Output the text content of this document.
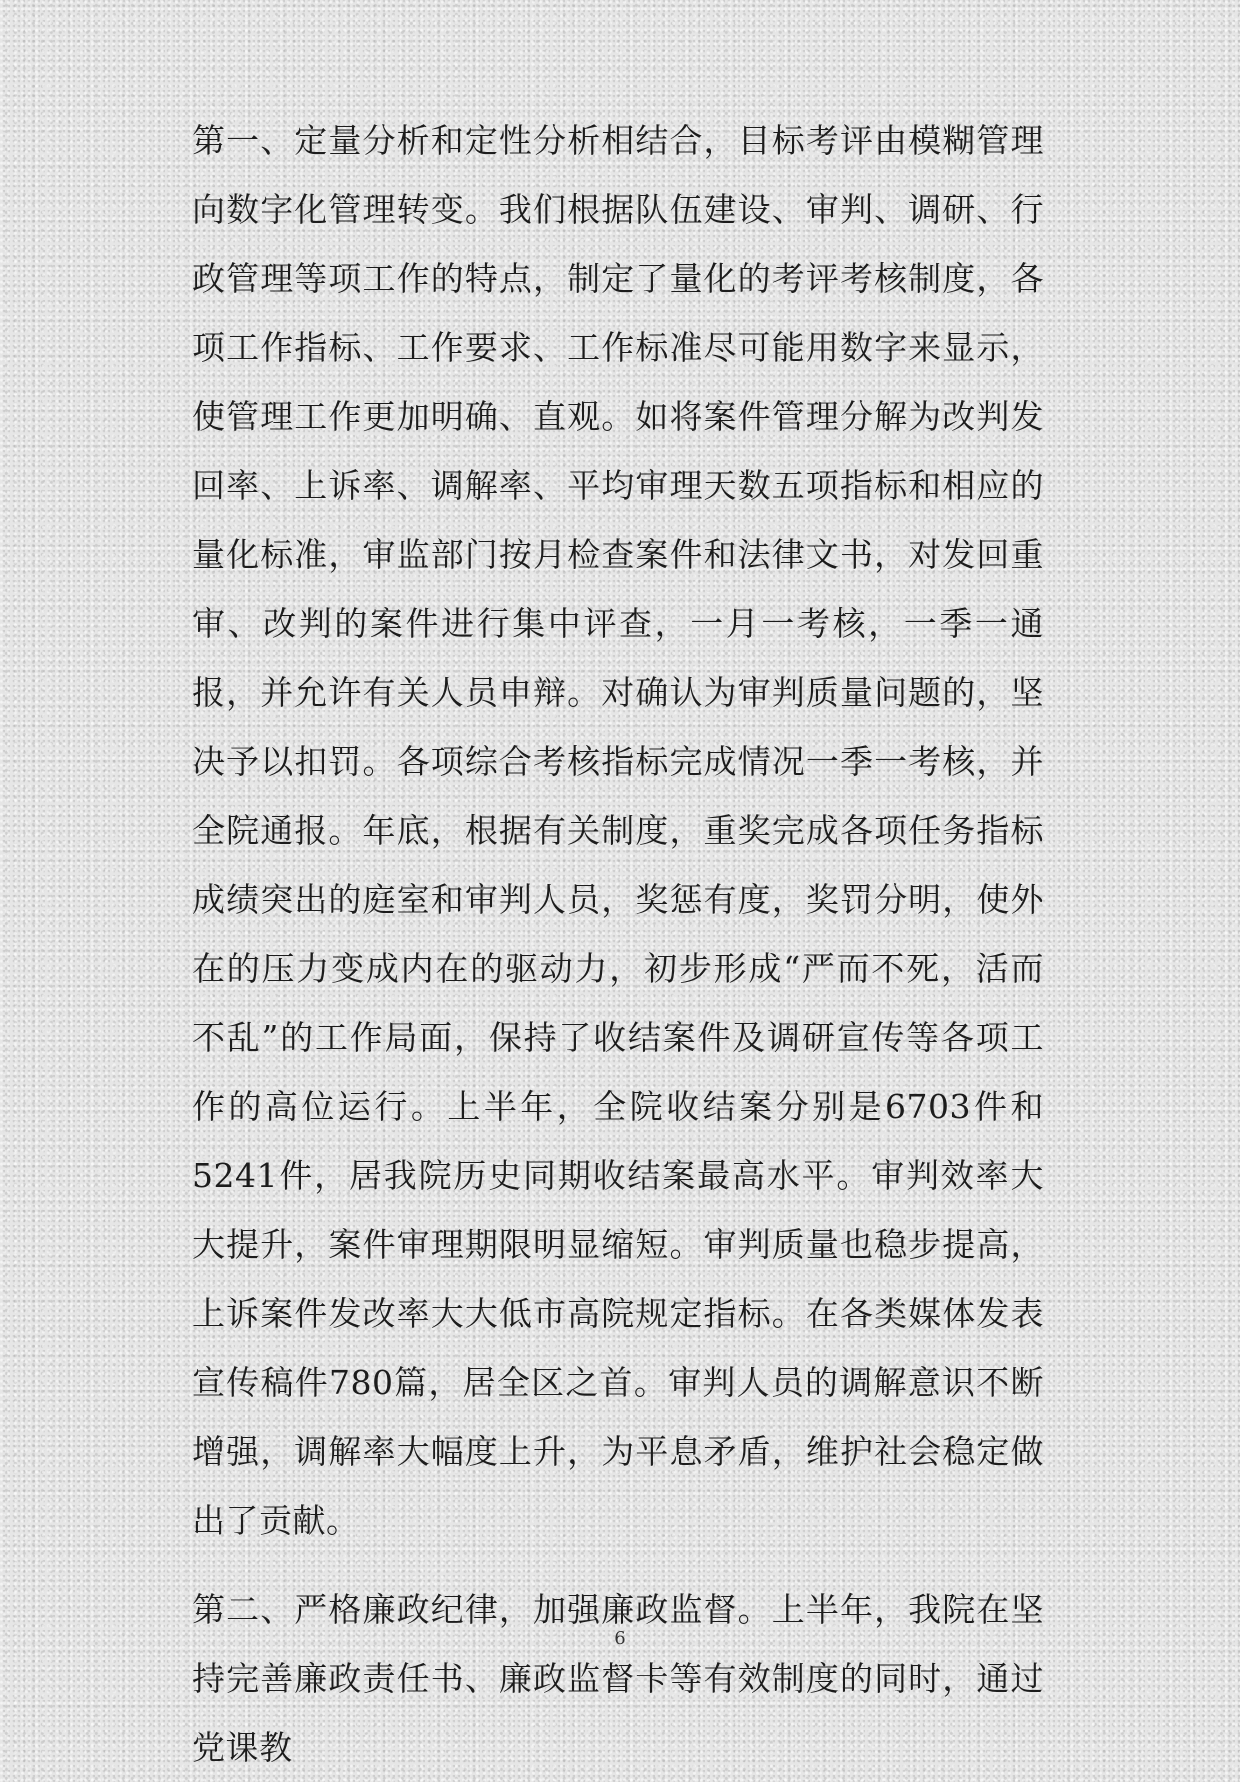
第一、定量分析和定性分析相结合，目标考评由模糊管理向数字化管理转变。我们根据队伍建设、审判、调研、行政管理等项工作的特点，制定了量化的考评考核制度，各项工作指标、工作要求、工作标准尽可能用数字来显示，使管理工作更加明确、直观。如将案件管理分解为改判发回率、上诉率、调解率、平均审理天数五项指标和相应的量化标准，审监部门按月检查案件和法律文书，对发回重审、改判的案件进行集中评查，一月一考核，一季一通报，并允许有关人员申辩。对确认为审判质量问题的，坚决予以扣罚。各项综合考核指标完成情况一季一考核，并全院通报。年底，根据有关制度，重奖完成各项任务指标成绩突出的庭室和审判人员，奖惩有度，奖罚分明，使外在的压力变成内在的驱动力，初步形成“严而不死，活而不乱”的工作局面，保持了收结案件及调研宣传等各项工作的高位运行。上半年，全院收结案分别是6703件和5241件，居我院历史同期收结案最高水平。审判效率大大提升，案件审理期限明显缩短。审判质量也稳步提高，上诉案件发改率大大低市高院规定指标。在各类媒体发表宣传稿件780篇，居全区之首。审判人员的调解意识不断增强，调解率大幅度上升，为平息矛盾，维护社会稳定做出了贡献。

第二、严格廉政纪律，加强廉政监督。上半年，我院在坚持完善廉政责任书、廉政监督卡等有效制度的同时，通过党课教

6
